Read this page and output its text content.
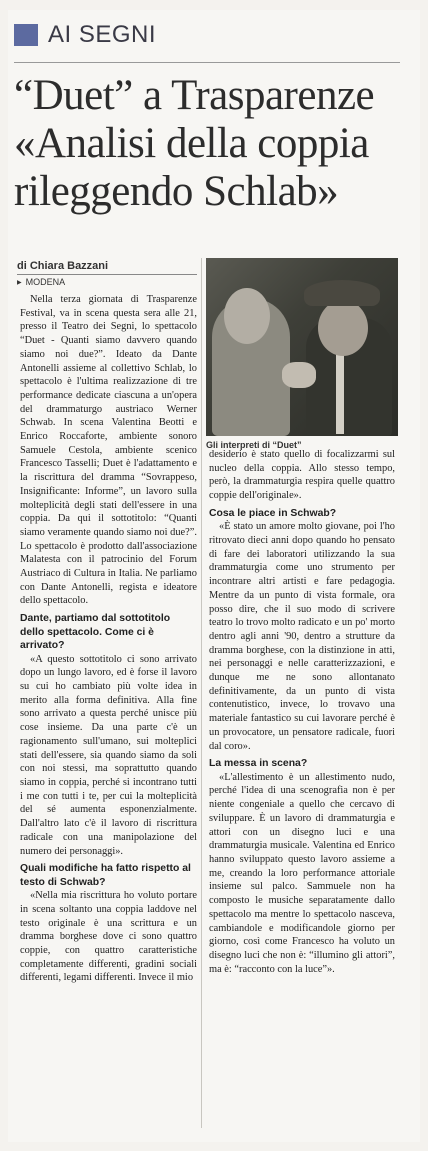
AI SEGNI
“Duet” a Trasparenze
«Analisi della coppia
rileggendo Schlab»
di Chiara Bazzani
▶ MODENA

Nella terza giornata di Trasparenze Festival, va in scena questa sera alle 21, presso il Teatro dei Segni, lo spettacolo “Duet - Quanti siamo davvero quando siamo noi due?”. Ideato da Dante Antonelli assieme al collettivo Schlab, lo spettacolo è l'ultima realizzazione di tre performance dedicate ciascuna a un'opera del drammaturgo austriaco Werner Schwab. In scena Valentina Beotti e Enrico Roccaforte, ambiente sonoro Samuele Cestola, ambiente scenico Francesco Tasselli; Duet è l'adattamento e la riscrittura del dramma “Sovrappeso, Insignificante: Informe”, un lavoro sulla molteplicità degli stati dell'essere in una coppia. Da qui il sottotitolo: “Quanti siamo veramente quando siamo noi due?”. Lo spettacolo è prodotto dall'associazione Malatesta con il patrocinio del Forum Austriaco di Cultura in Italia. Ne parliamo con Dante Antonelli, regista e ideatore dello spettacolo.

Dante, partiamo dal sottotitolo dello spettacolo. Come ci è arrivato?

«A questo sottotitolo ci sono arrivato dopo un lungo lavoro, ed è forse il lavoro su cui ho cambiato più volte idea in merito alla forma definitiva. Alla fine sono arrivato a questa perché unisce più cose insieme. Da una parte c'è un ragionamento sull'umano, sui molteplici stati dell'essere, sia quando siamo da soli con noi stessi, ma soprattutto quando siamo in coppia, perché si incontrano tutti i me con tutti i te, per cui la molteplicità del sé aumenta esponenzialmente. Dall'altro lato c'è il lavoro di riscrittura radicale con una manipolazione del numero dei personaggi».

Quali modifiche ha fatto rispetto al testo di Schwab?

«Nella mia riscrittura ho voluto portare in scena soltanto una coppia laddove nel testo originale è una scrittura e un dramma borghese dove ci sono quattro coppie, con quattro caratteristiche completamente differenti, gradini sociali differenti, legami differenti. Invece il mio

Gli interpreti di “Duet”

desiderio è stato quello di focalizzarmi sul nucleo della coppia. Allo stesso tempo, però, la drammaturgia respira quelle quattro coppie dell'originale».

Cosa le piace in Schwab?

«È stato un amore molto giovane, poi l'ho ritrovato dieci anni dopo quando ho pensato di fare dei laboratori utilizzando la sua drammaturgia come uno strumento per incontrare altri artisti e fare pedagogia. Mentre da un punto di vista formale, ora posso dire, che il suo modo di scrivere teatro lo trovo molto radicato e un po' morto dentro agli anni '90, dentro a strutture da dramma borghese, con la distinzione in atti, nei personaggi e nelle caratterizzazioni, e dunque me ne sono allontanato definitivamente, da un punto di vista contenutistico, invece, lo trovavo una materiale fantastico su cui lavorare perché è un provocatore, un pensatore radicale, fuori dal coro».

La messa in scena?

«L'allestimento è un allestimento nudo, perché l'idea di una scenografia non è per niente congeniale a quello che cercavo di sviluppare. È un lavoro di drammaturgia e attori con un disegno luci e una drammaturgia musicale. Valentina ed Enrico hanno sviluppato questo lavoro assieme a me, creando la loro performance attoriale insieme sul palco. Sammuele non ha composto le musiche separatamente dallo spettacolo ma mentre lo spettacolo nasceva, cambiandole e modificandole giorno per giorno, così come Francesco ha voluto un disegno luci che non è: “illumino gli attori”, ma è: “racconto con la luce”».
